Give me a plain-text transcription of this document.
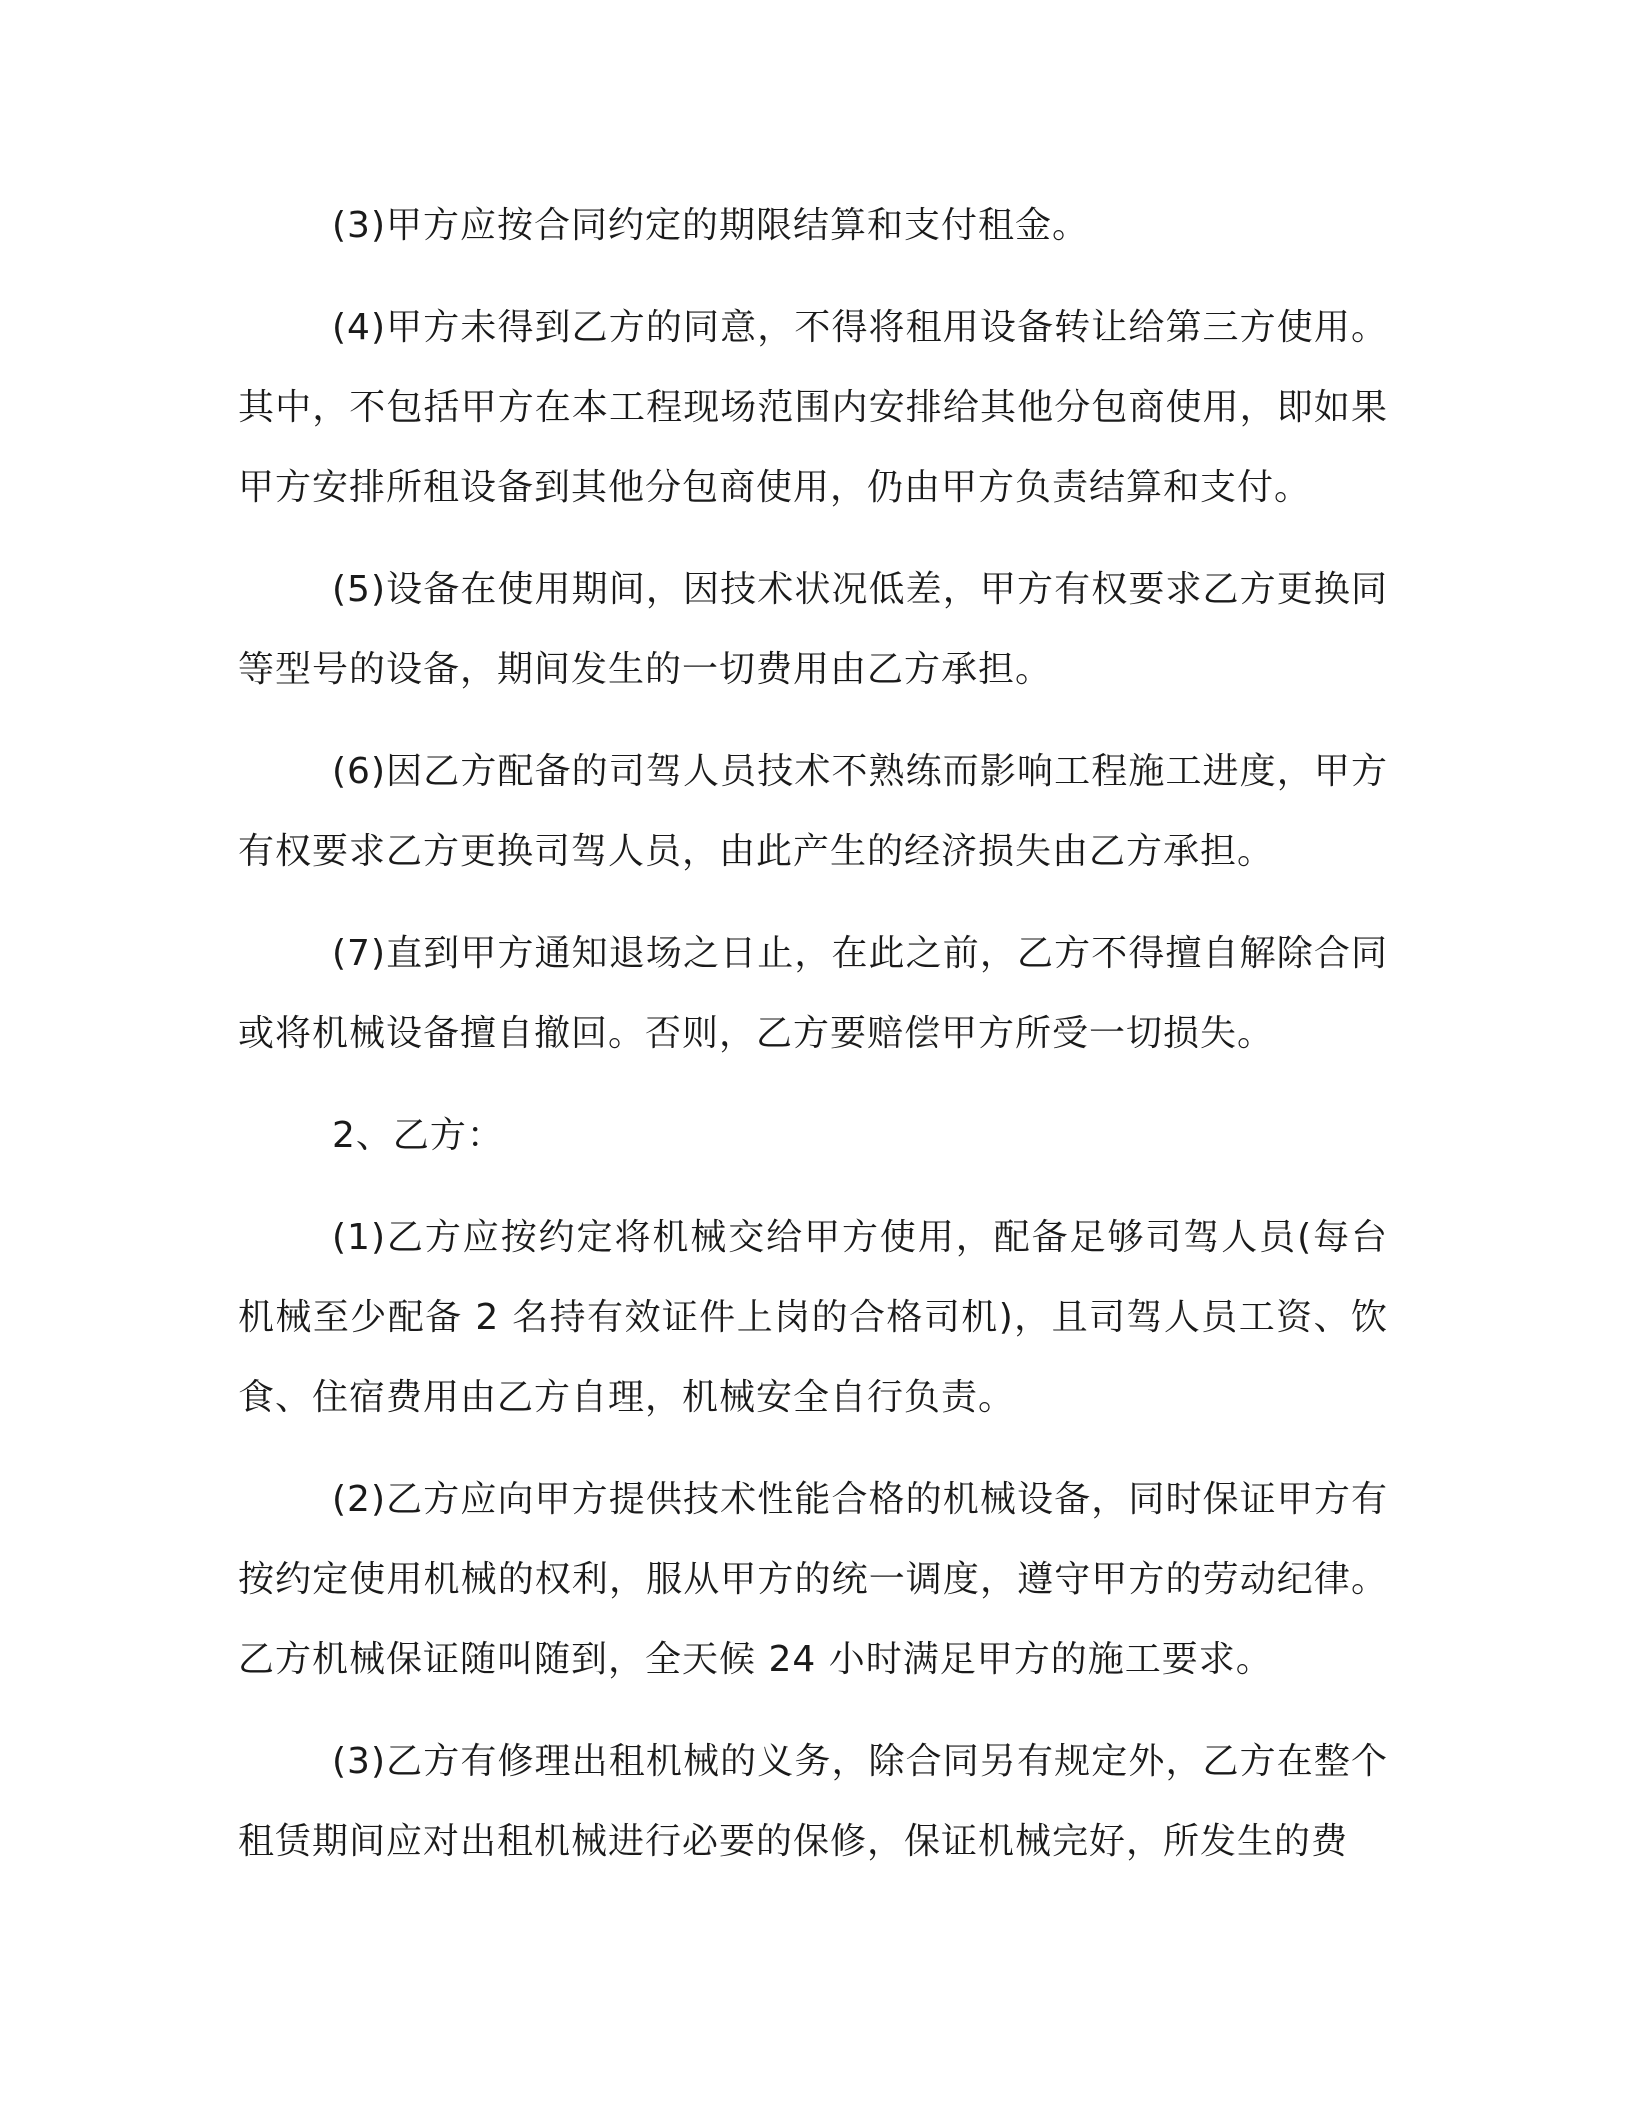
(3)甲方应按合同约定的期限结算和支付租金。

(4)甲方未得到乙方的同意，不得将租用设备转让给第三方使用。其中，不包括甲方在本工程现场范围内安排给其他分包商使用，即如果甲方安排所租设备到其他分包商使用，仍由甲方负责结算和支付。

(5)设备在使用期间，因技术状况低差，甲方有权要求乙方更换同等型号的设备，期间发生的一切费用由乙方承担。

(6)因乙方配备的司驾人员技术不熟练而影响工程施工进度，甲方有权要求乙方更换司驾人员，由此产生的经济损失由乙方承担。

(7)直到甲方通知退场之日止，在此之前，乙方不得擅自解除合同或将机械设备擅自撤回。否则，乙方要赔偿甲方所受一切损失。

2、乙方：

(1)乙方应按约定将机械交给甲方使用，配备足够司驾人员(每台机械至少配备 2 名持有效证件上岗的合格司机)，且司驾人员工资、饮食、住宿费用由乙方自理，机械安全自行负责。

(2)乙方应向甲方提供技术性能合格的机械设备，同时保证甲方有按约定使用机械的权利，服从甲方的统一调度，遵守甲方的劳动纪律。乙方机械保证随叫随到，全天候 24 小时满足甲方的施工要求。

(3)乙方有修理出租机械的义务，除合同另有规定外，乙方在整个租赁期间应对出租机械进行必要的保修，保证机械完好，所发生的费
